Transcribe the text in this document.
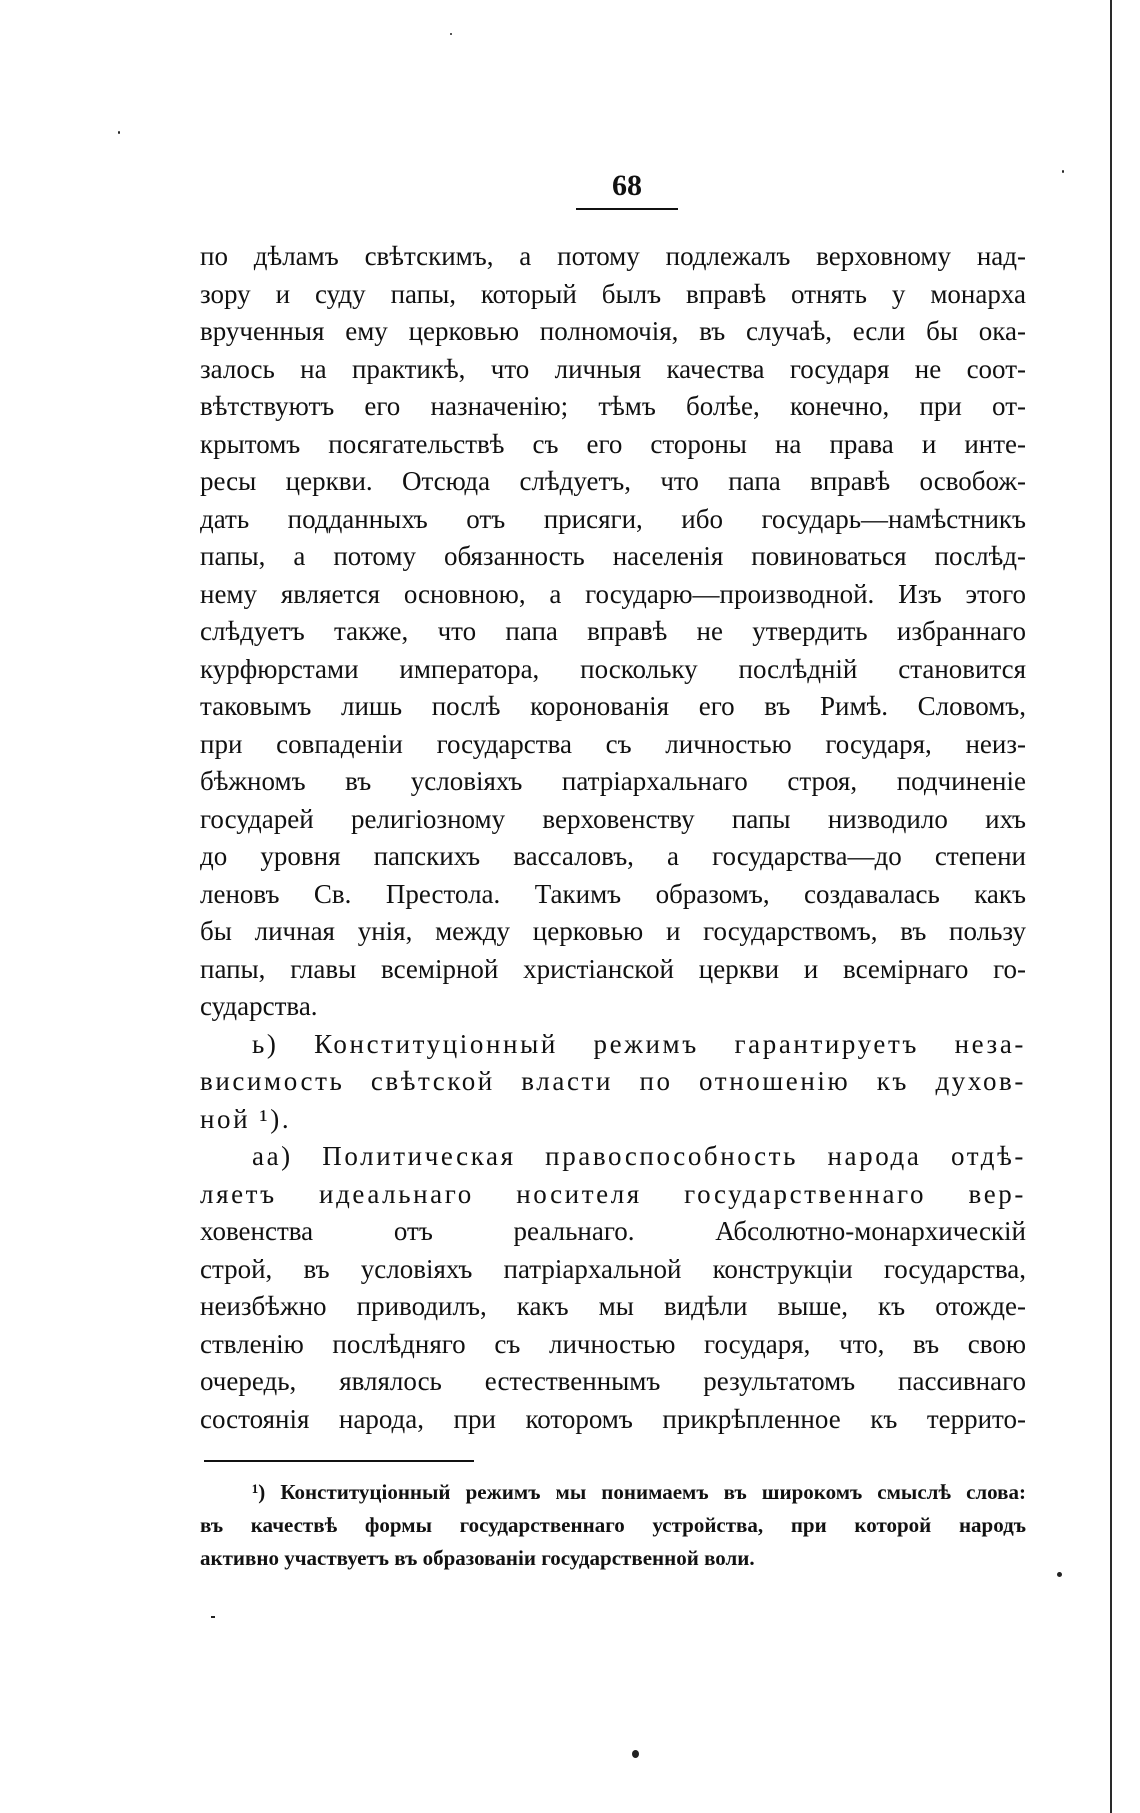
68
по дѣламъ свѣтскимъ, а потому подлежалъ верховному над-
зору и суду папы, который былъ вправѣ отнять у монарха
врученныя ему церковью полномочія, въ случаѣ, если бы ока-
залось на практикѣ, что личныя качества государя не соот-
вѣтствуютъ его назначенію; тѣмъ болѣе, конечно, при от-
крытомъ посягательствѣ съ его стороны на права и инте-
ресы церкви. Отсюда слѣдуетъ, что папа вправѣ освобож-
дать подданныхъ отъ присяги, ибо государь—намѣстникъ
папы, а потому обязанность населенія повиноваться послѣд-
нему является основною, а государю—производной. Изъ этого
слѣдуетъ также, что папа вправѣ не утвердить избраннаго
курфюрстами императора, поскольку послѣдній становится
таковымъ лишь послѣ коронованія его въ Римѣ. Словомъ,
при совпаденіи государства съ личностью государя, неиз-
бѣжномъ въ условіяхъ патріархальнаго строя, подчиненіе
государей религіозному верховенству папы низводило ихъ
до уровня папскихъ вассаловъ, а государства—до степени
леновъ Св. Престола. Такимъ образомъ, создавалась какъ
бы личная унія, между церковью и государствомъ, въ пользу
папы, главы всемірной христіанской церкви и всемірнаго го-
сударства.
ь) Конституціонный режимъ гарантируетъ неза-
висимость свѣтской власти по отношенію къ духов-
ной ¹).
аа) Политическая правоспособность народа отдѣ-
ляетъ идеальнаго носителя государственнаго вер-
ховенства отъ реальнаго. Абсолютно-монархическій
строй, въ условіяхъ патріархальной конструкціи государства,
неизбѣжно приводилъ, какъ мы видѣли выше, къ отожде-
ствленію послѣдняго съ личностью государя, что, въ свою
очередь, являлось естественнымъ результатомъ пассивнаго
состоянія народа, при которомъ прикрѣпленное къ террито-
¹) Конституціонный режимъ мы понимаемъ въ широкомъ смыслѣ слова:
въ качествѣ формы государственнаго устройства, при которой народъ
активно участвуетъ въ образованіи государственной воли.
